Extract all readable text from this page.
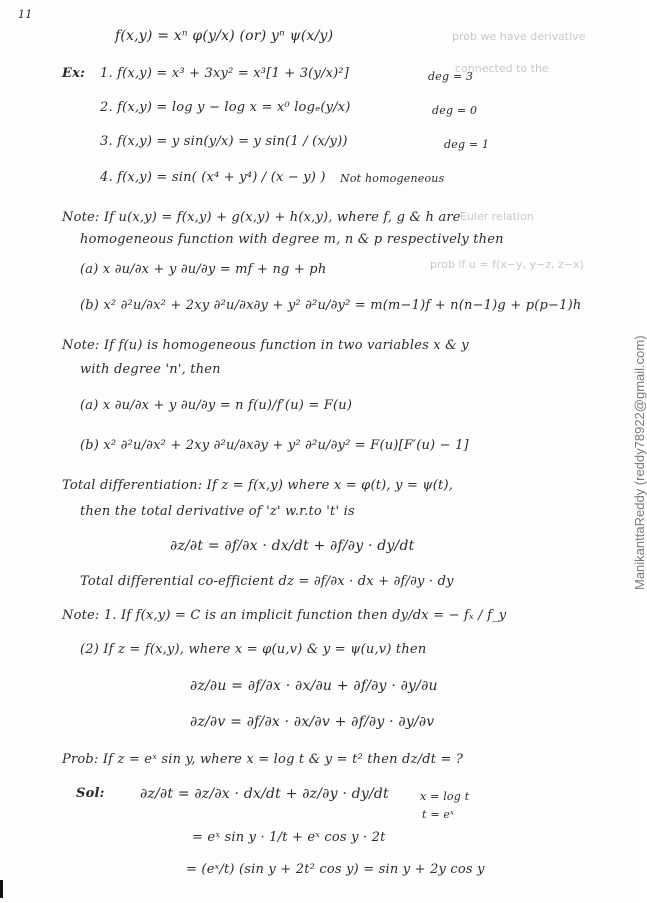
prob we have derivative
connected to the
Euler relation
prob if u = f(x−y, y−z, z−x)
11
f(x,y) = xⁿ φ(y/x) (or) yⁿ ψ(x/y)
Ex: 1. f(x,y) = x³ + 3xy² = x³[1 + 3(y/x)²]	deg = 3
2. f(x,y) = log y − log x = x⁰ logₑ(y/x)	deg = 0
3. f(x,y) = y sin(y/x) = y sin(1 / (x/y))	deg = 1
4. f(x,y) = sin( (x⁴ + y⁴) / (x − y) ) Not homogeneous
Note: If u(x,y) = f(x,y) + g(x,y) + h(x,y), where f, g & h are
homogeneous function with degree m, n & p respectively then
(a) x ∂u/∂x + y ∂u/∂y = mf + ng + ph
(b) x² ∂²u/∂x² + 2xy ∂²u/∂x∂y + y² ∂²u/∂y² = m(m−1)f + n(n−1)g + p(p−1)h
Note: If f(u) is homogeneous function in two variables x & y
with degree 'n', then
(a) x ∂u/∂x + y ∂u/∂y = n f(u)/f′(u) = F(u)
(b) x² ∂²u/∂x² + 2xy ∂²u/∂x∂y + y² ∂²u/∂y² = F(u)[F′(u) − 1]
Total differentiation: If z = f(x,y) where x = φ(t), y = ψ(t),
then the total derivative of 'z' w.r.to 't' is
∂z/∂t = ∂f/∂x · dx/dt + ∂f/∂y · dy/dt
Total differential co-efficient dz = ∂f/∂x · dx + ∂f/∂y · dy
Note: 1. If f(x,y) = C is an implicit function then dy/dx = − fₓ / f_y
(2) If z = f(x,y), where x = φ(u,v) & y = ψ(u,v) then
∂z/∂u = ∂f/∂x · ∂x/∂u + ∂f/∂y · ∂y/∂u
∂z/∂v = ∂f/∂x · ∂x/∂v + ∂f/∂y · ∂y/∂v
Prob: If z = eˣ sin y, where x = log t & y = t² then dz/dt = ?
Sol:	∂z/∂t = ∂z/∂x · dx/dt + ∂z/∂y · dy/dt	x = log t
t = eˣ
= eˣ sin y · 1/t + eˣ cos y · 2t
= (eˣ/t) (sin y + 2t² cos y) = sin y + 2y cos y
ManikanttaReddy (reddy78922@gmail.com)
